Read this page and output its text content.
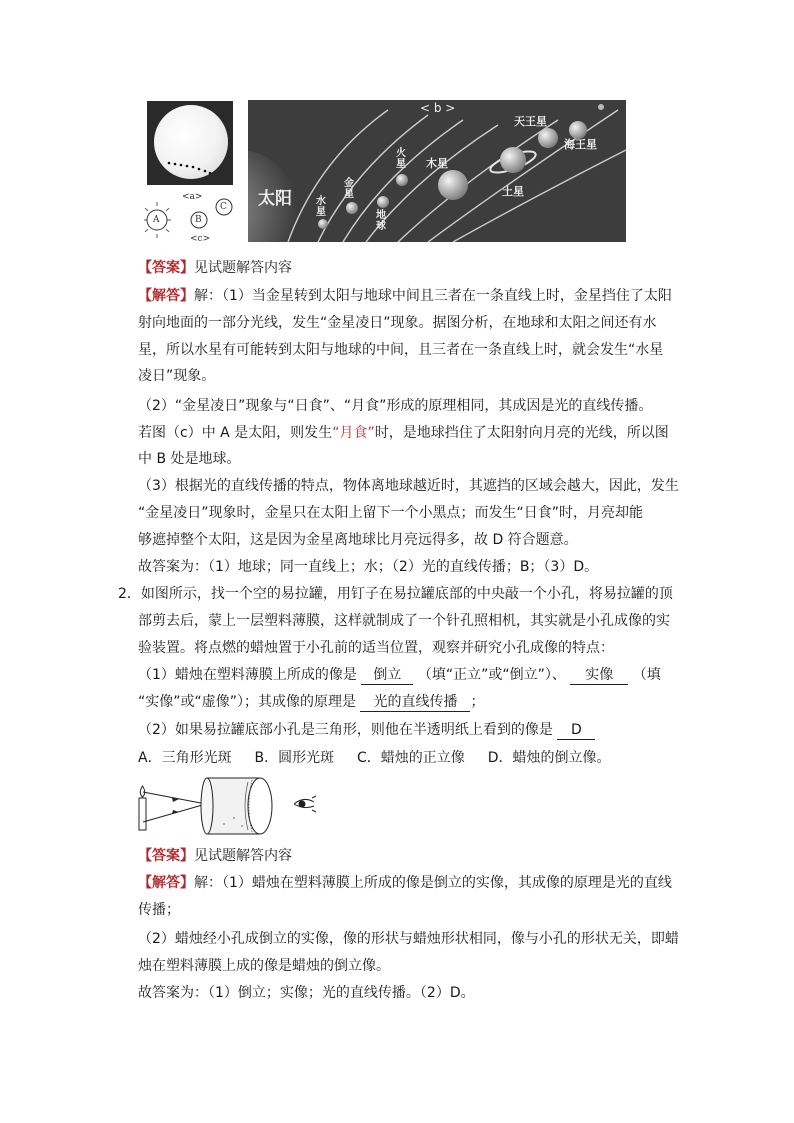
A	B
C
<a>
<c>
< b >
太阳 水星
金星
地球
火星 木星
土星
天王星
海王星
【答案】见试题解答内容
【解答】解：（1）当金星转到太阳与地球中间且三者在一条直线上时，金星挡住了太阳
射向地面的一部分光线，发生“金星凌日”现象。据图分析，在地球和太阳之间还有水
星，所以水星有可能转到太阳与地球的中间，且三者在一条直线上时，就会发生“水星
凌日”现象。
（2）“金星凌日”现象与“日食”、“月食”形成的原理相同，其成因是光的直线传播。
若图（c）中 A 是太阳，则发生“月食”时，是地球挡住了太阳射向月亮的光线，所以图
中 B 处是地球。
（3）根据光的直线传播的特点，物体离地球越近时，其遮挡的区域会越大，因此，发生
“金星凌日”现象时，金星只在太阳上留下一个小黑点；而发生“日食”时，月亮却能
够遮掉整个太阳，这是因为金星离地球比月亮远得多，故 D 符合题意。
故答案为：（1）地球；同一直线上；水；（2）光的直线传播；B；（3）D。
2．如图所示，找一个空的易拉罐，用钉子在易拉罐底部的中央敲一个小孔，将易拉罐的顶
部剪去后，蒙上一层塑料薄膜，这样就制成了一个针孔照相机，其实就是小孔成像的实
验装置。将点燃的蜡烛置于小孔前的适当位置，观察并研究小孔成像的特点：
（1）蜡烛在塑料薄膜上所成的像是 倒立 （填“正立”或“倒立”）、 实像 （填
“实像”或“虚像”）；其成像的原理是 光的直线传播 ；
（2）如果易拉罐底部小孔是三角形，则他在半透明纸上看到的像是 D
A．三角形光斑 B．圆形光斑 C．蜡烛的正立像 D．蜡烛的倒立像。
【答案】见试题解答内容
【解答】解：（1）蜡烛在塑料薄膜上所成的像是倒立的实像，其成像的原理是光的直线
传播；
（2）蜡烛经小孔成倒立的实像，像的形状与蜡烛形状相同，像与小孔的形状无关，即蜡
烛在塑料薄膜上成的像是蜡烛的倒立像。
故答案为：（1）倒立；实像；光的直线传播。（2）D。
